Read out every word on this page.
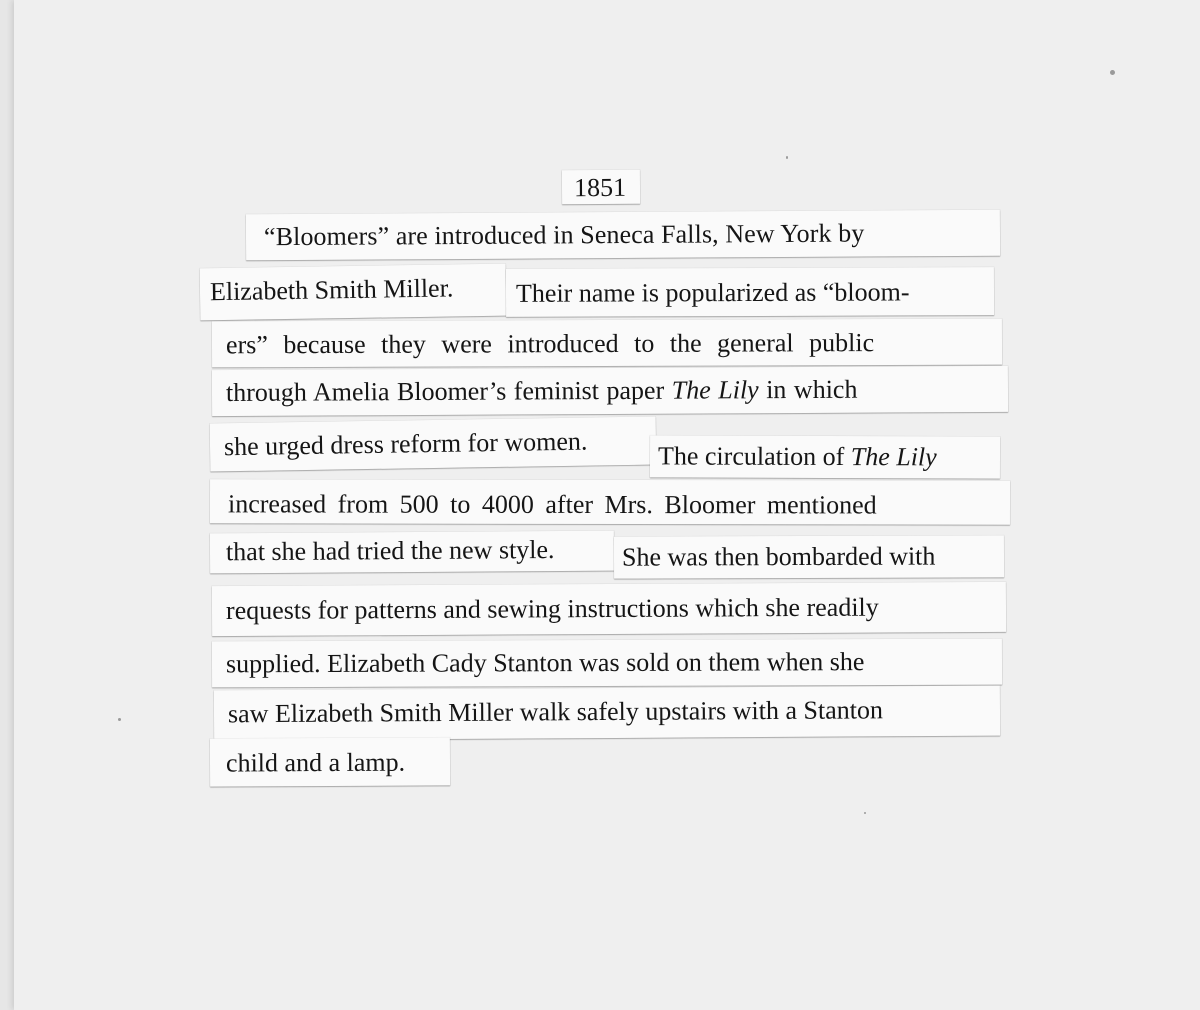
1851
“Bloomers” are introduced in Seneca Falls, New York by
Elizabeth Smith Miller. Their name is popularized as “bloom-
ers” because they were introduced to the general public
through Amelia Bloomer’s feminist paper The Lily in which
she urged dress reform for women.	The circulation of The Lily
increased from 500 to 4000 after Mrs. Bloomer mentioned
that she had tried the new style.	She was then bombarded with
requests for patterns and sewing instructions which she readily
supplied. Elizabeth Cady Stanton was sold on them when she
saw Elizabeth Smith Miller walk safely upstairs with a Stanton
child and a lamp.
